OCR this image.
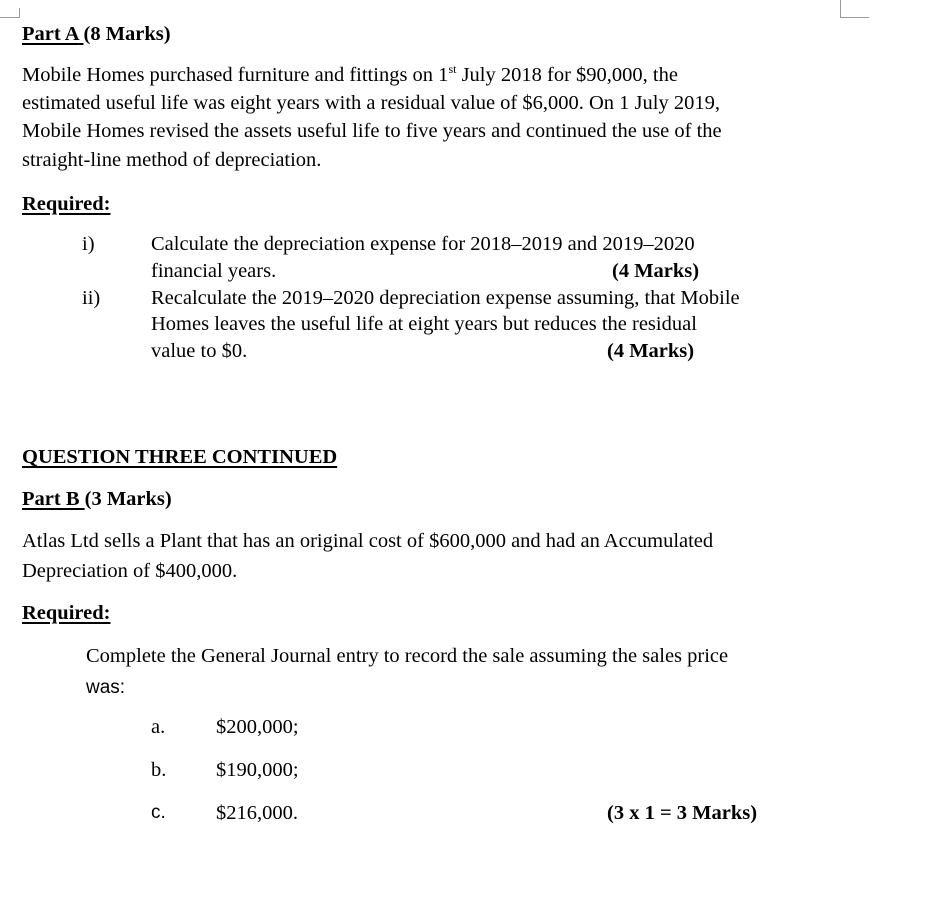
Part A (8 Marks)
Mobile Homes purchased furniture and fittings on 1st July 2018 for $90,000, the
estimated useful life was eight years with a residual value of $6,000. On 1 July 2019,
Mobile Homes revised the assets useful life to five years and continued the use of the
straight-line method of depreciation.
Required:
i)	Calculate the depreciation expense for 2018–2019 and 2019–2020
financial years.	(4 Marks)
ii) Recalculate the 2019–2020 depreciation expense assuming, that Mobile
Homes leaves the useful life at eight years but reduces the residual
value to $0.	(4 Marks)
QUESTION THREE CONTINUED
Part B (3 Marks)
Atlas Ltd sells a Plant that has an original cost of $600,000 and had an Accumulated
Depreciation of $400,000.
Required:
Complete the General Journal entry to record the sale assuming the sales price
was:
a. $200,000;
b. $190,000;
c. $216,000.	(3 x 1 = 3 Marks)
